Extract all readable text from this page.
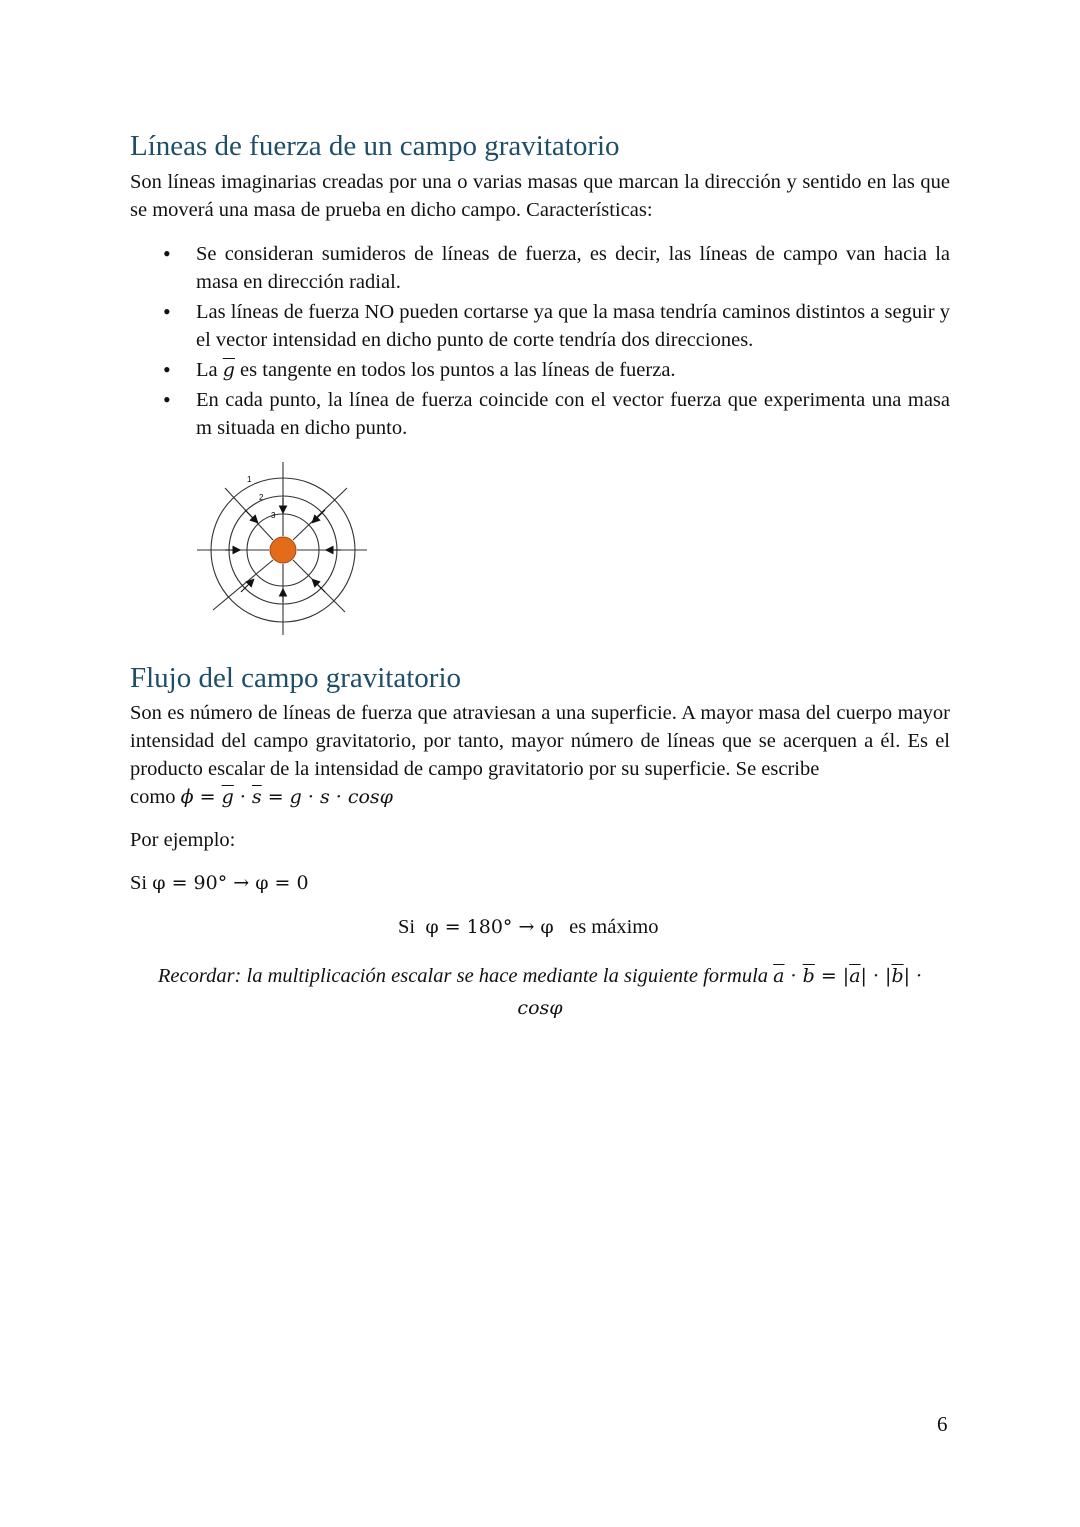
Líneas de fuerza de un campo gravitatorio

Son líneas imaginarias creadas por una o varias masas que marcan la dirección y sentido en las que se moverá una masa de prueba en dicho campo. Características:

• Se consideran sumideros de líneas de fuerza, es decir, las líneas de campo van hacia la masa en dirección radial.
• Las líneas de fuerza NO pueden cortarse ya que la masa tendría caminos distintos a seguir y el vector intensidad en dicho punto de corte tendría dos direcciones.
• La $\overline{g}$ es tangente en todos los puntos a las líneas de fuerza.
• En cada punto, la línea de fuerza coincide con el vector fuerza que experimenta una masa m situada en dicho punto.
1
2
3
Flujo del campo gravitatorio

Son es número de líneas de fuerza que atraviesan a una superficie. A mayor masa del cuerpo mayor intensidad del campo gravitatorio, por tanto, mayor número de líneas que se acerquen a él. Es el producto escalar de la intensidad de campo gravitatorio por su superficie. Se escribe

como $\phi = \overline{g} \cdot \overline{s} = g \cdot s \cdot \cos\varphi$
Por ejemplo:
Si φ = 90° → φ = 0
Si φ = 180° → φ es máximo
Recordar: la multiplicación escalar se hace mediante la siguiente formula $\overline{a} \cdot \overline{b} = |\overline{a}| \cdot |\overline{b}|$ ·
cosφ
6
